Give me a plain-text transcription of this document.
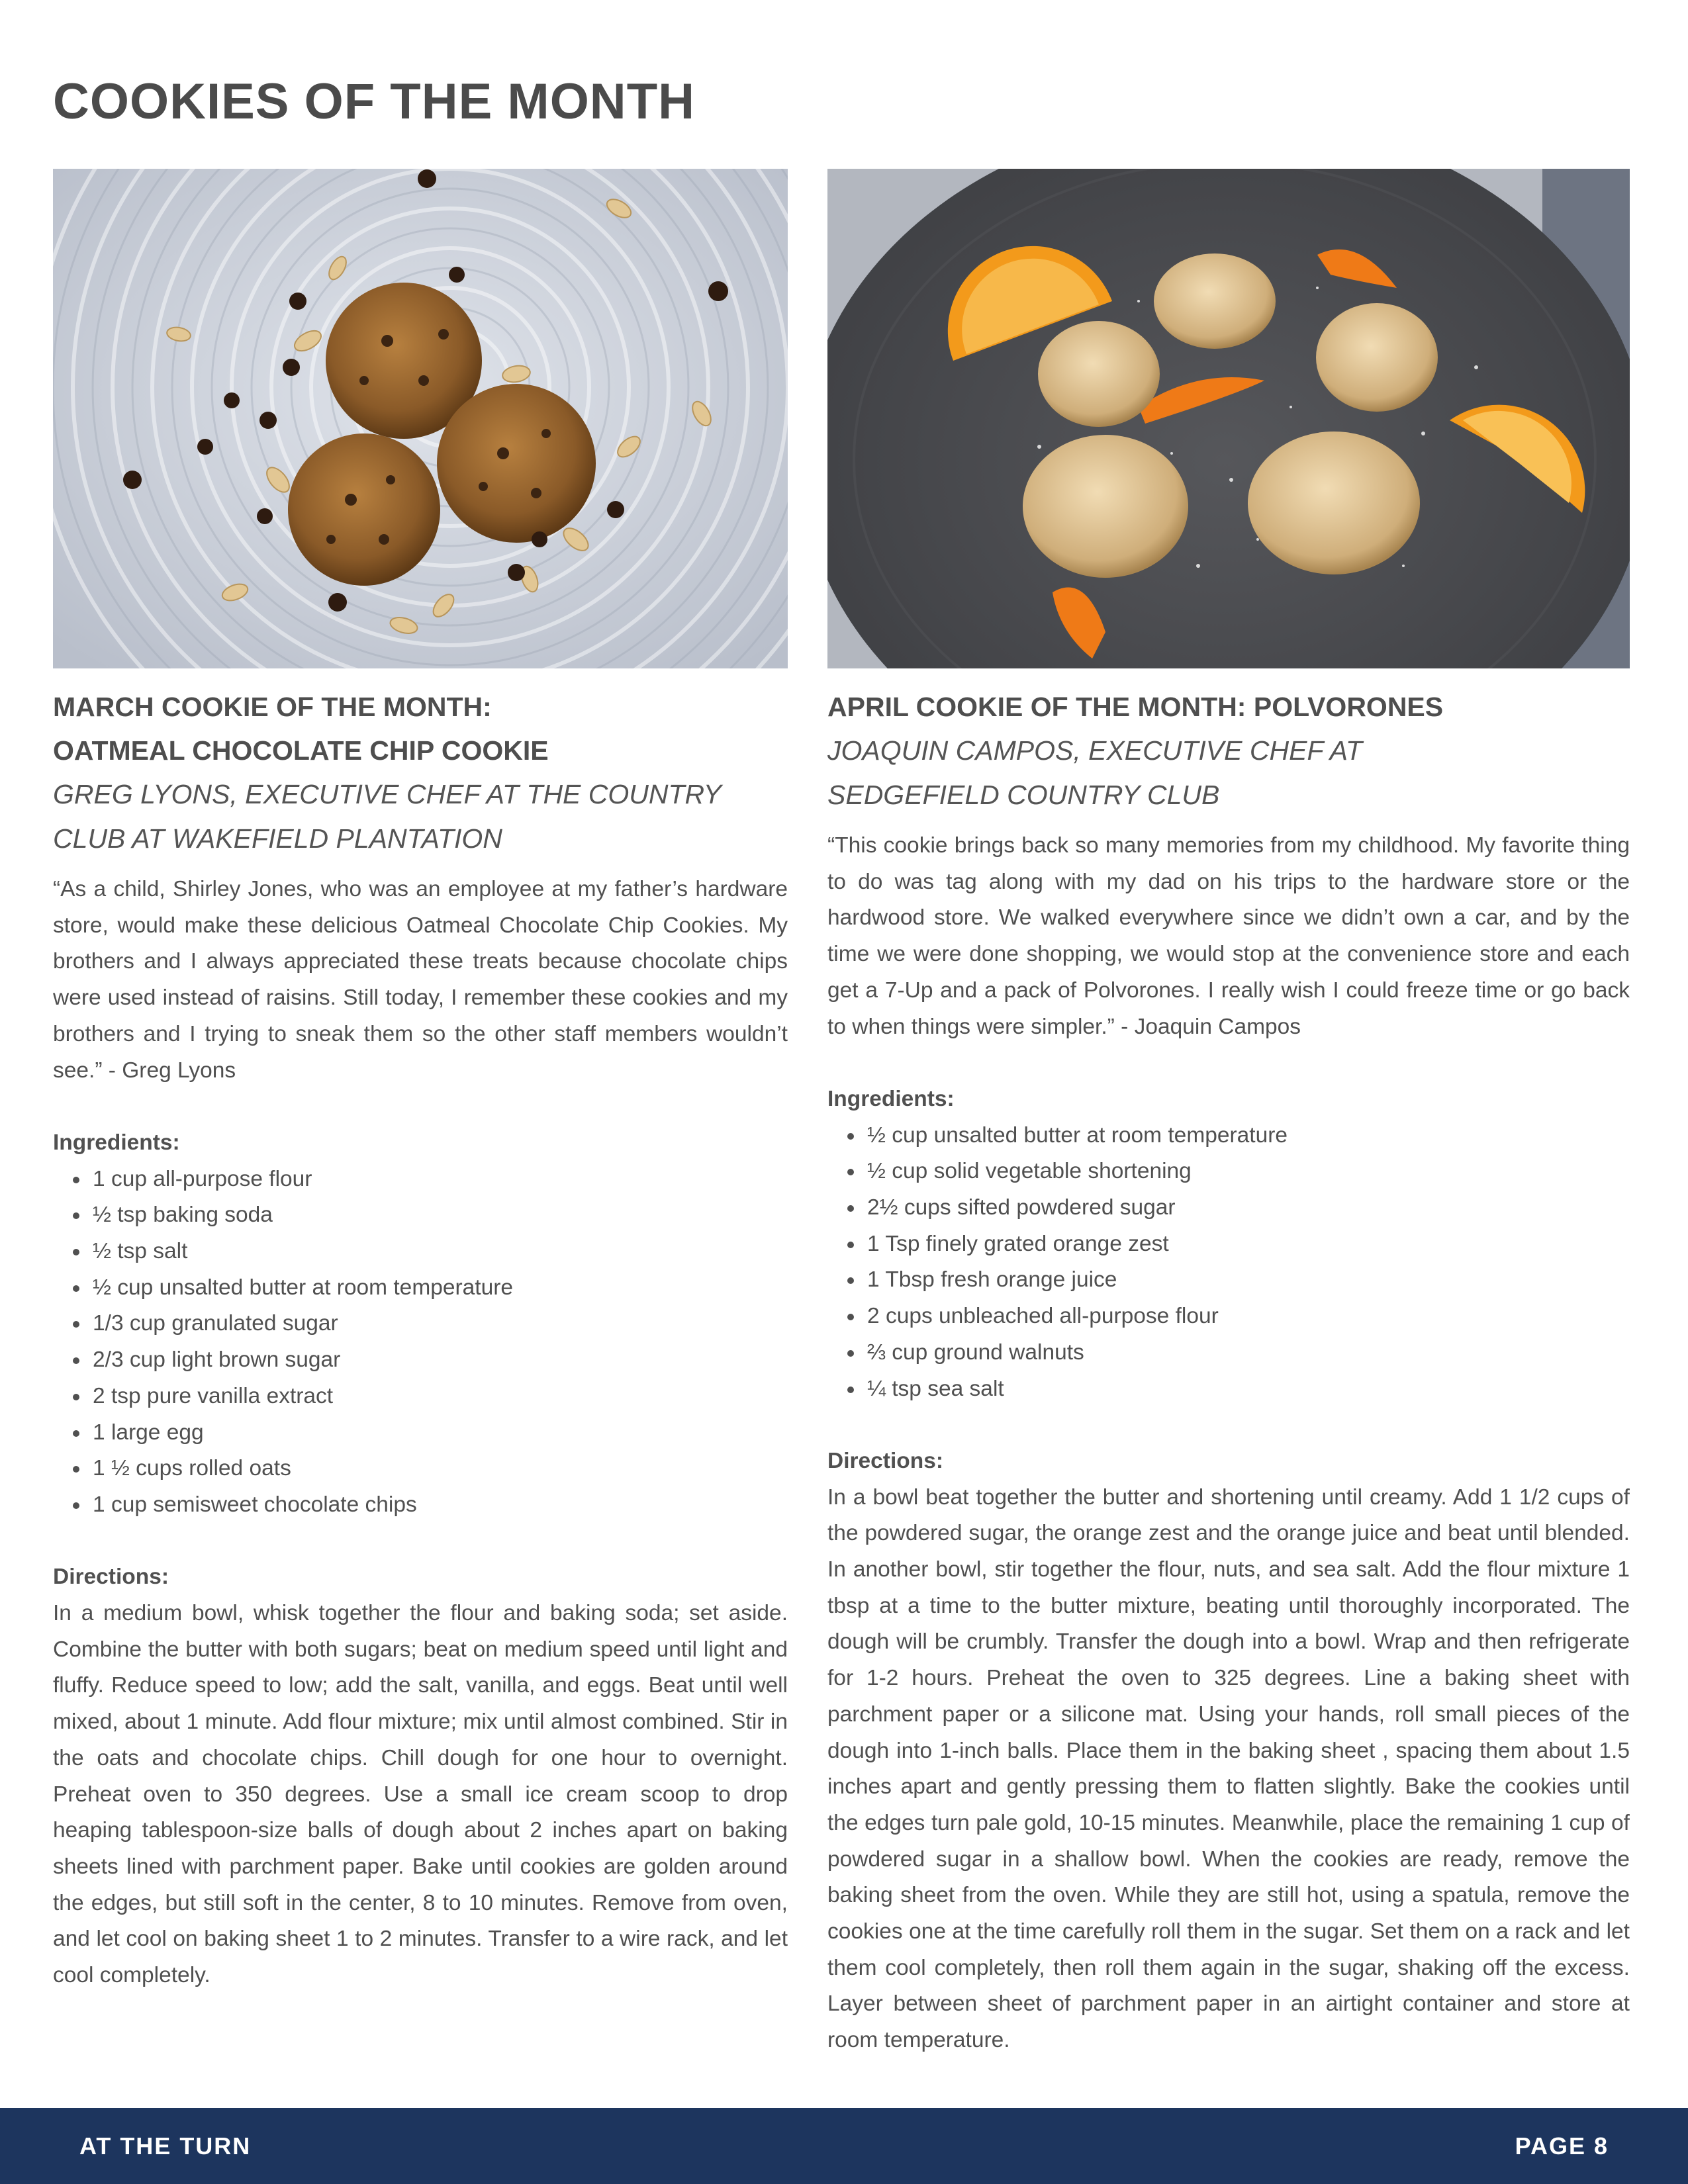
COOKIES OF THE MONTH

MARCH COOKIE OF THE MONTH:

OATMEAL CHOCOLATE CHIP COOKIE

GREG LYONS, EXECUTIVE CHEF AT THE COUNTRY

CLUB AT WAKEFIELD PLANTATION

“As a child, Shirley Jones, who was an employee at my father’s hardware store, would make these delicious Oatmeal Chocolate Chip Cookies. My brothers and I always appreciated these treats because chocolate chips were used instead of raisins. Still today, I remember these cookies and my brothers and I trying to sneak them so the other staff members wouldn’t see.” - Greg Lyons

Ingredients:

1 cup all-purpose flour
½ tsp baking soda
½ tsp salt
½ cup unsalted butter at room temperature
1/3 cup granulated sugar
2/3 cup light brown sugar
2 tsp pure vanilla extract
1 large egg
1 ½ cups rolled oats
1 cup semisweet chocolate chips

Directions:

In a medium bowl, whisk together the flour and baking soda; set aside. Combine the butter with both sugars; beat on medium speed until light and fluffy. Reduce speed to low; add the salt, vanilla, and eggs. Beat until well mixed, about 1 minute. Add flour mixture; mix until almost combined. Stir in the oats and chocolate chips. Chill dough for one hour to overnight. Preheat oven to 350 degrees. Use a small ice cream scoop to drop heaping tablespoon-size balls of dough about 2 inches apart on baking sheets lined with parchment paper. Bake until cookies are golden around the edges, but still soft in the center, 8 to 10 minutes. Remove from oven, and let cool on baking sheet 1 to 2 minutes. Transfer to a wire rack, and let cool completely.

APRIL COOKIE OF THE MONTH: POLVORONES

JOAQUIN CAMPOS, EXECUTIVE CHEF AT

SEDGEFIELD COUNTRY CLUB

“This cookie brings back so many memories from my childhood. My favorite thing to do was tag along with my dad on his trips to the hardware store or the hardwood store. We walked everywhere since we didn’t own a car, and by the time we were done shopping, we would stop at the convenience store and each get a 7-Up and a pack of Polvorones. I really wish I could freeze time or go back to when things were simpler.” - Joaquin Campos

Ingredients:

½ cup unsalted butter at room temperature
½ cup solid vegetable shortening
2½ cups sifted powdered sugar
1 Tsp finely grated orange zest
1 Tbsp fresh orange juice
2 cups unbleached all-purpose flour
⅔ cup ground walnuts
¼ tsp sea salt

Directions:

In a bowl beat together the butter and shortening until creamy. Add 1 1/2 cups of the powdered sugar, the orange zest and the orange juice and beat until blended. In another bowl, stir together the flour, nuts, and sea salt. Add the flour mixture 1 tbsp at a time to the butter mixture, beating until thoroughly incorporated. The dough will be crumbly. Transfer the dough into a bowl. Wrap and then refrigerate for 1-2 hours. Preheat the oven to 325 degrees. Line a baking sheet with parchment paper or a silicone mat. Using your hands, roll small pieces of the dough into 1-inch balls. Place them in the baking sheet , spacing them about 1.5 inches apart and gently pressing them to flatten slightly. Bake the cookies until the edges turn pale gold, 10-15 minutes. Meanwhile, place the remaining 1 cup of powdered sugar in a shallow bowl. When the cookies are ready, remove the baking sheet from the oven. While they are still hot, using a spatula, remove the cookies one at the time carefully roll them in the sugar. Set them on a rack and let them cool completely, then roll them again in the sugar, shaking off the excess. Layer between sheet of parchment paper in an airtight container and store at room temperature.

AT THE TURN	PAGE 8
